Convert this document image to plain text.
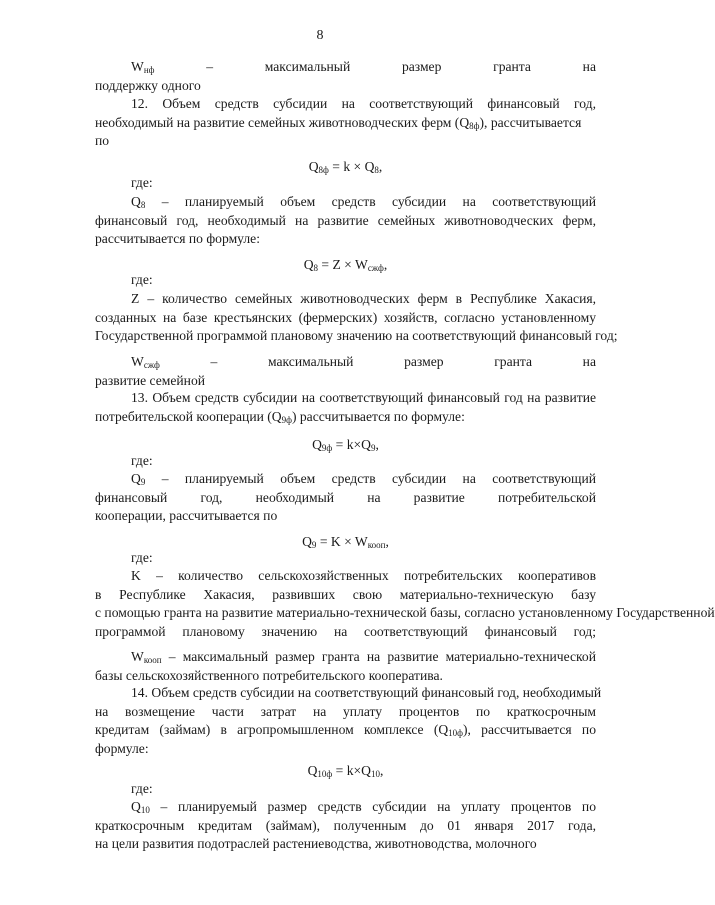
8
$W_{нф}$ – максимальный размер гранта на
поддержку одного
12. Объем средств субсидии на соответствующий финансовый год,
необходимый на развитие семейных животноводческих ферм $(Q_{8ф})$, рассчитывается по
$Q_{8ф} = k \times Q_8$,
где:
$Q_8$ – планируемый объем средств субсидии на соответствующий
финансовый год, необходимый на развитие семейных животноводческих ферм,
рассчитывается по формуле:
$Q_8 = Z \times W_{сжф}$,
где:
Z – количество семейных животноводческих ферм в Республике Хакасия,
созданных на базе крестьянских (фермерских) хозяйств, согласно установленному
Государственной программой плановому значению на соответствующий финансовый год;
$W_{сжф}$ – максимальный размер гранта на
развитие семейной
13. Объем средств субсидии на соответствующий финансовый год на развитие
потребительской кооперации $(Q_{9ф})$ рассчитывается по формуле:
$Q_{9ф} = k\times Q_9$,
где:
$Q_9$ – планируемый объем средств субсидии на соответствующий
финансовый год, необходимый на развитие потребительской
кооперации, рассчитывается по
$Q_9 = K \times W_{кооп}$,
где:
K – количество сельскохозяйственных потребительских кооперативов
в Республике Хакасия, развивших свою материально-техническую базу
с помощью гранта на развитие материально-технической базы, согласно установленному Государственной
программой плановому значению на соответствующий финансовый год;
$W_{кооп}$ – максимальный размер гранта на развитие материально-технической
базы сельскохозяйственного потребительского кооператива.
14. Объем средств субсидии на соответствующий финансовый год, необходимый
на возмещение части затрат на уплату процентов по краткосрочным
кредитам (займам) в агропромышленном комплексе $(Q_{10ф})$, рассчитывается по
формуле:
$Q_{10ф} = k\times Q_{10}$,
где:
$Q_{10}$ – планируемый размер средств субсидии на уплату процентов по
краткосрочным кредитам (займам), полученным до 01 января 2017 года,
на цели развития подотраслей растениеводства, животноводства, молочного
